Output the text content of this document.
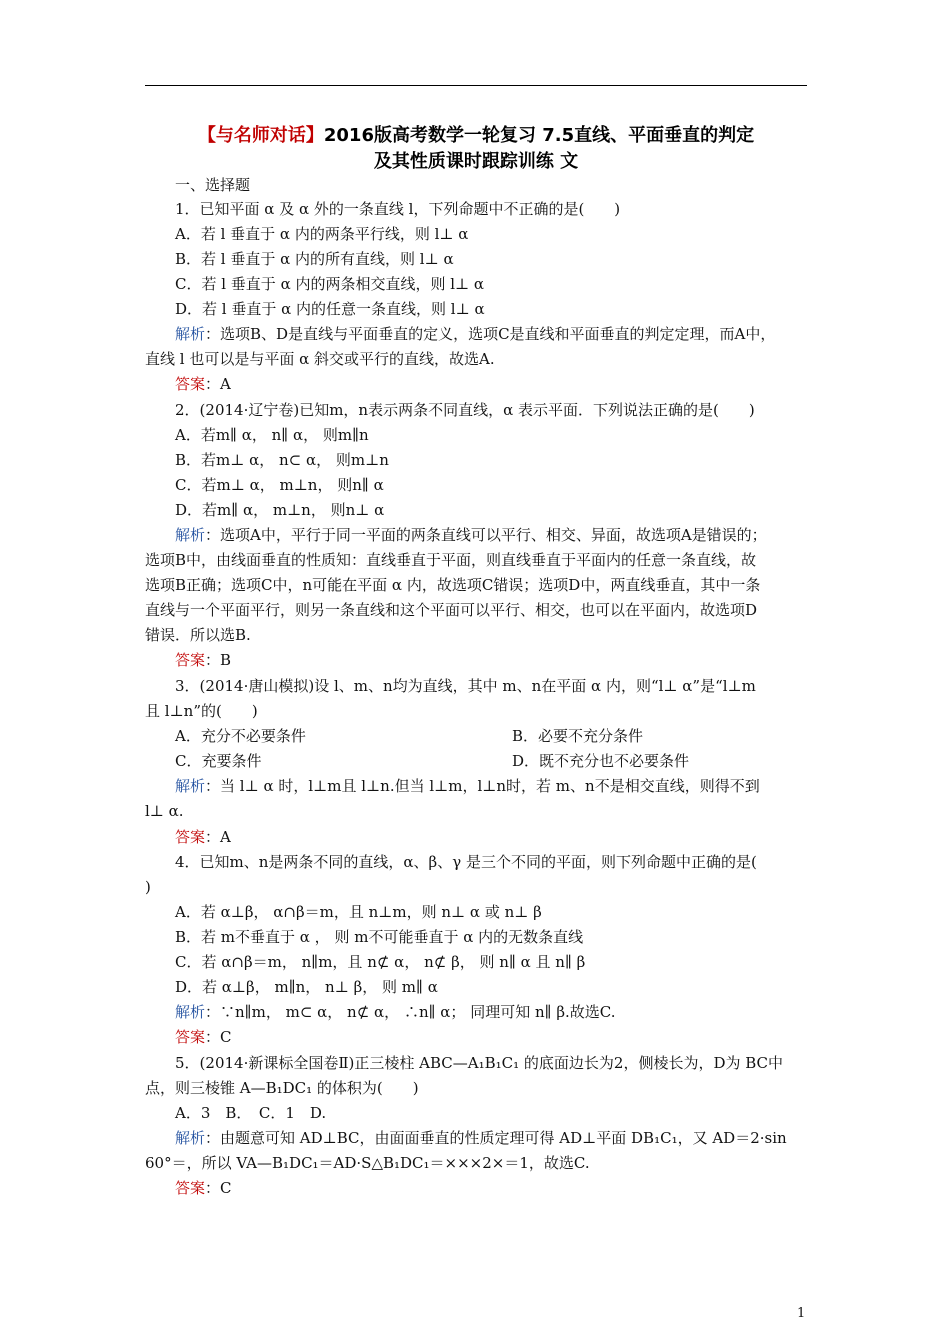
【与名师对话】2016版高考数学一轮复习 7.5直线、平面垂直的判定
及其性质课时跟踪训练 文
一、选择题
1．已知平面 α 及 α 外的一条直线 l，下列命题中不正确的是(　　)
A．若 l 垂直于 α 内的两条平行线，则 l⊥ α
B．若 l 垂直于 α 内的所有直线，则 l⊥ α
C．若 l 垂直于 α 内的两条相交直线，则 l⊥ α
D．若 l 垂直于 α 内的任意一条直线，则 l⊥ α
解析：选项B、D是直线与平面垂直的定义，选项C是直线和平面垂直的判定定理，而A中，
直线 l 也可以是与平面 α 斜交或平行的直线，故选A.
答案：A
2．(2014·辽宁卷)已知m，n表示两条不同直线，α 表示平面．下列说法正确的是(　　)
A．若m∥ α， n∥ α， 则m∥n
B．若m⊥ α， n⊂ α， 则m⊥n
C．若m⊥ α， m⊥n， 则n∥ α
D．若m∥ α， m⊥n， 则n⊥ α
解析：选项A中，平行于同一平面的两条直线可以平行、相交、异面，故选项A是错误的；
选项B中，由线面垂直的性质知：直线垂直于平面，则直线垂直于平面内的任意一条直线，故
选项B正确；选项C中，n可能在平面 α 内，故选项C错误；选项D中，两直线垂直，其中一条
直线与一个平面平行，则另一条直线和这个平面可以平行、相交，也可以在平面内，故选项D
错误．所以选B.
答案：B
3．(2014·唐山模拟)设 l、m、n均为直线，其中 m、n在平面 α 内，则“l⊥ α”是“l⊥m
且 l⊥n”的(　　)
A．充分不必要条件	B．必要不充分条件
C．充要条件	D．既不充分也不必要条件
解析：当 l⊥ α 时，l⊥m且 l⊥n.但当 l⊥m，l⊥n时，若 m、n不是相交直线，则得不到
l⊥ α.
答案：A
4．已知m、n是两条不同的直线，α、β、γ 是三个不同的平面，则下列命题中正确的是(
)
A．若 α⊥β， α∩β＝m，且 n⊥m，则 n⊥ α 或 n⊥ β
B．若 m不垂直于 α ， 则 m不可能垂直于 α 内的无数条直线
C．若 α∩β＝m， n∥m，且 n⊄ α， n⊄ β， 则 n∥ α 且 n∥ β
D．若 α⊥β， m∥n， n⊥ β， 则 m∥ α
解析：∵n∥m， m⊂ α， n⊄ α， ∴n∥ α； 同理可知 n∥ β.故选C.
答案：C
5．(2014·新课标全国卷Ⅱ)正三棱柱 ABC—A₁B₁C₁ 的底面边长为2，侧棱长为，D为 BC中
点，则三棱锥 A—B₁DC₁ 的体积为(　　)
A．3　B．　C．1　D.
解析：由题意可知 AD⊥BC，由面面垂直的性质定理可得 AD⊥平面 DB₁C₁，又 AD＝2·sin
60°＝，所以 VA—B₁DC₁＝AD·S△B₁DC₁＝×××2×＝1，故选C.
答案：C
1
